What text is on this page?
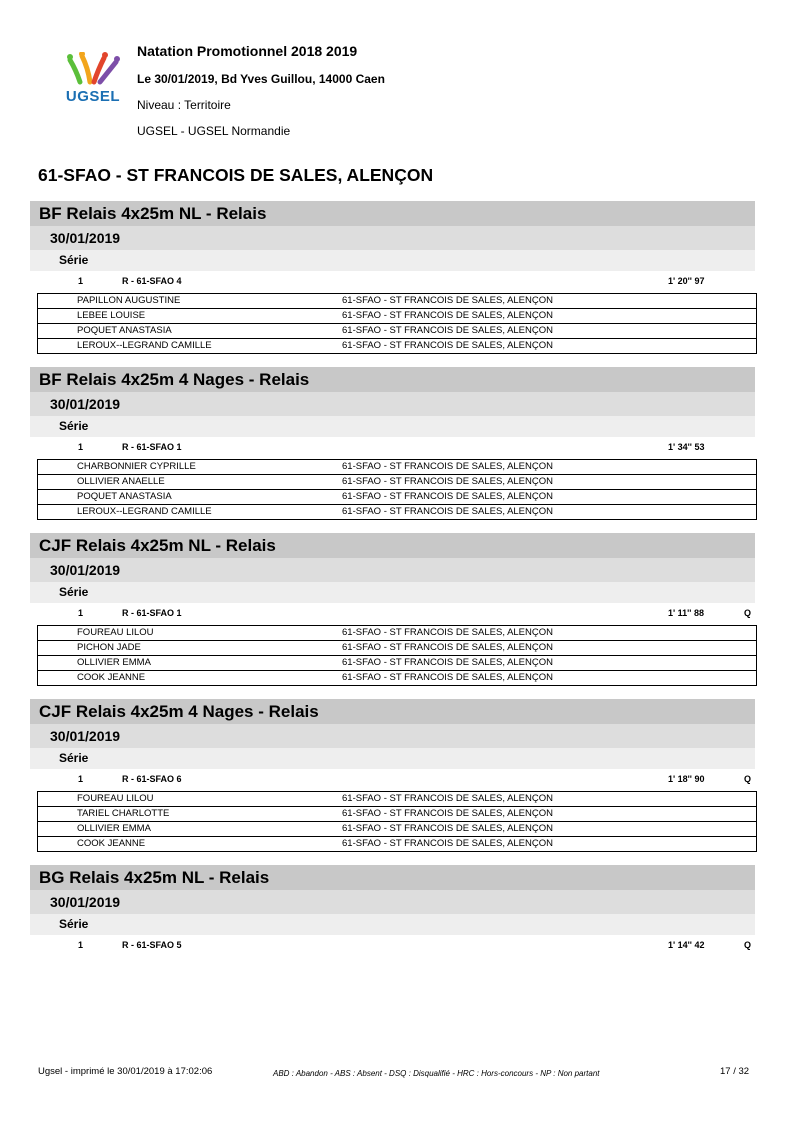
UGSEL
Natation Promotionnel 2018 2019
Le 30/01/2019, Bd Yves Guillou, 14000 Caen
Niveau : Territoire
UGSEL - UGSEL Normandie
61-SFAO - ST FRANCOIS DE SALES, ALENÇON
BF Relais 4x25m NL - Relais
30/01/2019
Série
1	R - 61-SFAO 4	1' 20'' 97
PAPILLON AUGUSTINE	61-SFAO - ST FRANCOIS DE SALES, ALENÇON
LEBEE LOUISE	61-SFAO - ST FRANCOIS DE SALES, ALENÇON
POQUET ANASTASIA	61-SFAO - ST FRANCOIS DE SALES, ALENÇON
LEROUX--LEGRAND CAMILLE	61-SFAO - ST FRANCOIS DE SALES, ALENÇON
BF Relais 4x25m 4 Nages - Relais
30/01/2019
Série
1	R - 61-SFAO 1	1' 34'' 53
CHARBONNIER CYPRILLE	61-SFAO - ST FRANCOIS DE SALES, ALENÇON
OLLIVIER ANAELLE	61-SFAO - ST FRANCOIS DE SALES, ALENÇON
POQUET ANASTASIA	61-SFAO - ST FRANCOIS DE SALES, ALENÇON
LEROUX--LEGRAND CAMILLE	61-SFAO - ST FRANCOIS DE SALES, ALENÇON
CJF Relais 4x25m NL - Relais
30/01/2019
Série
1	R - 61-SFAO 1	1' 11'' 88	Q
FOUREAU LILOU	61-SFAO - ST FRANCOIS DE SALES, ALENÇON
PICHON JADE	61-SFAO - ST FRANCOIS DE SALES, ALENÇON
OLLIVIER EMMA	61-SFAO - ST FRANCOIS DE SALES, ALENÇON
COOK JEANNE	61-SFAO - ST FRANCOIS DE SALES, ALENÇON
CJF Relais 4x25m 4 Nages - Relais
30/01/2019
Série
1	R - 61-SFAO 6	1' 18'' 90	Q
FOUREAU LILOU	61-SFAO - ST FRANCOIS DE SALES, ALENÇON
TARIEL CHARLOTTE	61-SFAO - ST FRANCOIS DE SALES, ALENÇON
OLLIVIER EMMA	61-SFAO - ST FRANCOIS DE SALES, ALENÇON
COOK JEANNE	61-SFAO - ST FRANCOIS DE SALES, ALENÇON
BG Relais 4x25m NL - Relais
30/01/2019
Série
1	R - 61-SFAO 5	1' 14'' 42	Q
Ugsel - imprimé le 30/01/2019 à 17:02:06	ABD : Abandon - ABS : Absent - DSQ : Disqualifié - HRC : Hors-concours - NP : Non partant	17 / 32
